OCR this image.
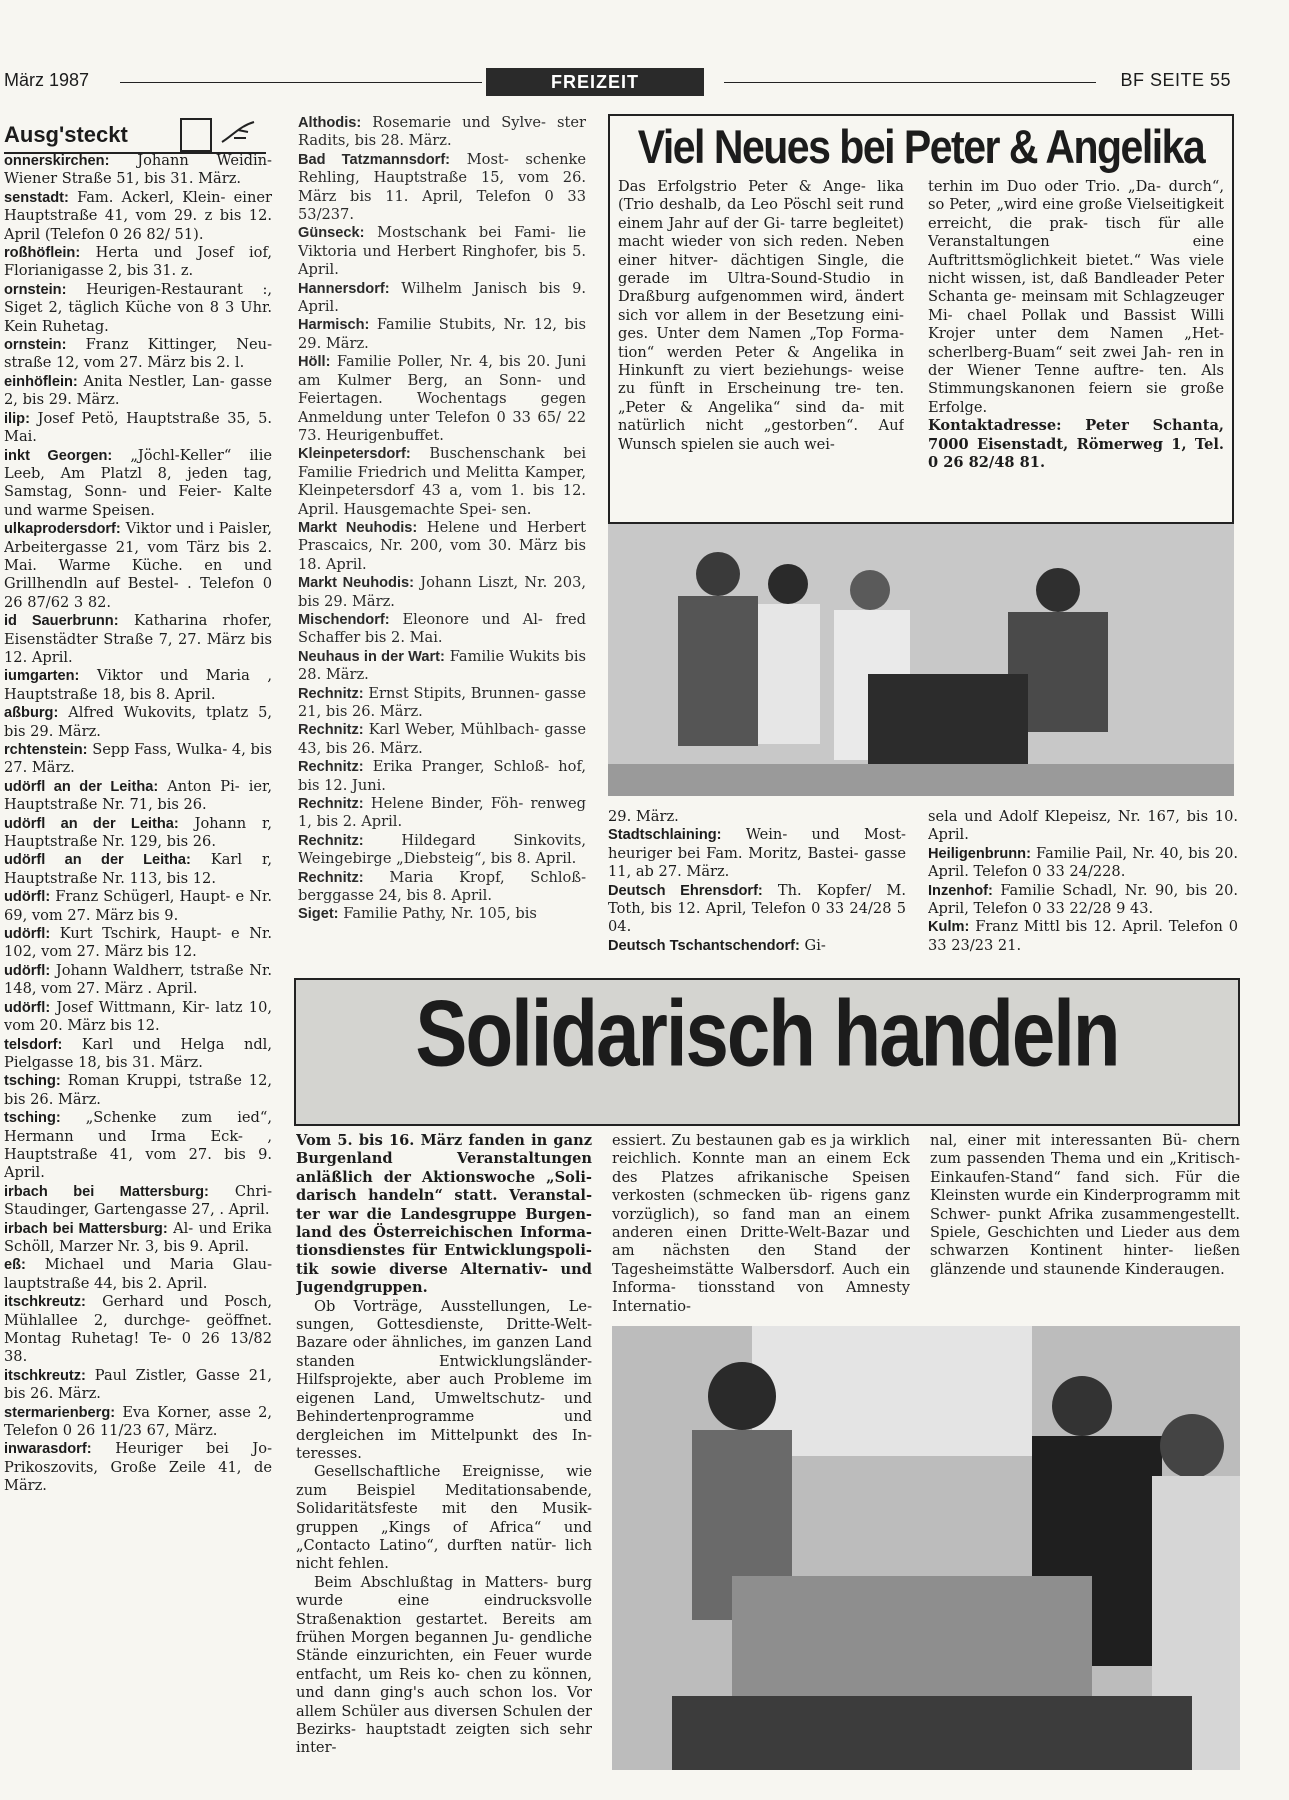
März 1987	FREIZEIT	BF SEITE 55
Ausg'steckt

onnerskirchen: Johann Weidin- Wiener Straße 51, bis 31. März.

senstadt: Fam. Ackerl, Klein- einer Hauptstraße 41, vom 29. z bis 12. April (Telefon 0 26 82/ 51).

roßhöflein: Herta und Josef iof, Florianigasse 2, bis 31. z.

ornstein: Heurigen-Restaurant :, Siget 2, täglich Küche von 8 3 Uhr. Kein Ruhetag.

ornstein: Franz Kittinger, Neu- straße 12, vom 27. März bis 2. l.

einhöflein: Anita Nestler, Lan- gasse 2, bis 29. März.

ilip: Josef Petö, Hauptstraße 35, 5. Mai.

inkt Georgen: „Jöchl-Keller“ ilie Leeb, Am Platzl 8, jeden tag, Samstag, Sonn- und Feier- Kalte und warme Speisen.

ulkaprodersdorf: Viktor und i Paisler, Arbeitergasse 21, vom Tärz bis 2. Mai. Warme Küche. en und Grillhendln auf Bestel- . Telefon 0 26 87/62 3 82.

id Sauerbrunn: Katharina rhofer, Eisenstädter Straße 7, 27. März bis 12. April.

iumgarten: Viktor und Maria , Hauptstraße 18, bis 8. April.

aßburg: Alfred Wukovits, tplatz 5, bis 29. März.

rchtenstein: Sepp Fass, Wulka- 4, bis 27. März.

udörfl an der Leitha: Anton Pi- ier, Hauptstraße Nr. 71, bis 26.

udörfl an der Leitha: Johann r, Hauptstraße Nr. 129, bis 26.

udörfl an der Leitha: Karl r, Hauptstraße Nr. 113, bis 12.

udörfl: Franz Schügerl, Haupt- e Nr. 69, vom 27. März bis 9.

udörfl: Kurt Tschirk, Haupt- e Nr. 102, vom 27. März bis 12.

udörfl: Johann Waldherr, tstraße Nr. 148, vom 27. März . April.

udörfl: Josef Wittmann, Kir- latz 10, vom 20. März bis 12.

telsdorf: Karl und Helga ndl, Pielgasse 18, bis 31. März.

tsching: Roman Kruppi, tstraße 12, bis 26. März.

tsching: „Schenke zum ied“, Hermann und Irma Eck- , Hauptstraße 41, vom 27. bis 9. April.

irbach bei Mattersburg: Chri- Staudinger, Gartengasse 27, . April.

irbach bei Mattersburg: Al- und Erika Schöll, Marzer Nr. 3, bis 9. April.

eß: Michael und Maria Glau- lauptstraße 44, bis 2. April.

itschkreutz: Gerhard und Posch, Mühlallee 2, durchge- geöffnet. Montag Ruhetag! Te- 0 26 13/82 38.

itschkreutz: Paul Zistler, Gasse 21, bis 26. März.

stermarienberg: Eva Korner, asse 2, Telefon 0 26 11/23 67, März.

inwarasdorf: Heuriger bei Jo- Prikoszovits, Große Zeile 41, de März.

Althodis: Rosemarie und Sylve- ster Radits, bis 28. März.

Bad Tatzmannsdorf: Most- schenke Rehling, Hauptstraße 15, vom 26. März bis 11. April, Telefon 0 33 53/237.

Günseck: Mostschank bei Fami- lie Viktoria und Herbert Ringhofer, bis 5. April.

Hannersdorf: Wilhelm Janisch bis 9. April.

Harmisch: Familie Stubits, Nr. 12, bis 29. März.

Höll: Familie Poller, Nr. 4, bis 20. Juni am Kulmer Berg, an Sonn- und Feiertagen. Wochentags gegen Anmeldung unter Telefon 0 33 65/ 22 73. Heurigenbuffet.

Kleinpetersdorf: Buschenschank bei Familie Friedrich und Melitta Kamper, Kleinpetersdorf 43 a, vom 1. bis 12. April. Hausgemachte Spei- sen.

Markt Neuhodis: Helene und Herbert Prascaics, Nr. 200, vom 30. März bis 18. April.

Markt Neuhodis: Johann Liszt, Nr. 203, bis 29. März.

Mischendorf: Eleonore und Al- fred Schaffer bis 2. Mai.

Neuhaus in der Wart: Familie Wukits bis 28. März.

Rechnitz: Ernst Stipits, Brunnen- gasse 21, bis 26. März.

Rechnitz: Karl Weber, Mühlbach- gasse 43, bis 26. März.

Rechnitz: Erika Pranger, Schloß- hof, bis 12. Juni.

Rechnitz: Helene Binder, Föh- renweg 1, bis 2. April.

Rechnitz:	Hildegard Sinkovits, Weingebirge „Diebsteig“, bis 8. April.

Rechnitz: Maria Kropf, Schloß- berggasse 24, bis 8. April.

Siget: Familie Pathy, Nr. 105, bis

Viel Neues bei Peter & Angelika

Das Erfolgstrio Peter & Ange- lika (Trio deshalb, da Leo Pöschl seit rund einem Jahr auf der Gi- tarre begleitet) macht wieder von sich reden. Neben einer hitver- dächtigen Single, die gerade im Ultra-Sound-Studio in Draßburg aufgenommen wird, ändert sich vor allem in der Besetzung eini- ges. Unter dem Namen „Top Forma- tion“ werden Peter & Angelika in Hinkunft zu viert beziehungs- weise zu fünft in Erscheinung tre- ten. „Peter & Angelika“ sind da- mit natürlich nicht „gestorben“. Auf Wunsch spielen sie auch wei-

terhin im Duo oder Trio. „Da- durch“, so Peter, „wird eine große Vielseitigkeit erreicht, die prak- tisch für alle Veranstaltungen eine Auftrittsmöglichkeit bietet.“ Was viele nicht wissen, ist, daß Bandleader Peter Schanta ge- meinsam mit Schlagzeuger Mi- chael Pollak und Bassist Willi Krojer unter dem Namen „Het- scherlberg-Buam“ seit zwei Jah- ren in der Wiener Tenne auftre- ten. Als Stimmungskanonen feiern sie große Erfolge.

Kontaktadresse: Peter Schanta, 7000 Eisenstadt, Römerweg 1, Tel. 0 26 82/48 81.

29. März.

Stadtschlaining: Wein- und Most- heuriger bei Fam. Moritz, Bastei- gasse 11, ab 27. März.

Deutsch Ehrensdorf: Th. Kopfer/ M. Toth, bis 12. April, Telefon 0 33 24/28 5 04.

Deutsch Tschantschendorf: Gi-

sela und Adolf Klepeisz, Nr. 167, bis 10. April.

Heiligenbrunn: Familie Pail, Nr. 40, bis 20. April. Telefon 0 33 24/228.

Inzenhof: Familie Schadl, Nr. 90, bis 20. April, Telefon 0 33 22/28 9 43.

Kulm: Franz Mittl bis 12. April. Telefon 0 33 23/23 21.

Solidarisch handeln

Vom 5. bis 16. März fanden in ganz Burgenland Veranstaltungen anläßlich der Aktionswoche „Soli- darisch handeln“ statt. Veranstal- ter war die Landesgruppe Burgen- land des Österreichischen Informa- tionsdienstes für Entwicklungspoli- tik sowie diverse Alternativ- und Jugendgruppen.

Ob Vorträge, Ausstellungen, Le- sungen, Gottesdienste, Dritte-Welt- Bazare oder ähnliches, im ganzen Land standen Entwicklungsländer- Hilfsprojekte, aber auch Probleme im eigenen Land, Umweltschutz- und Behindertenprogramme und dergleichen im Mittelpunkt des In- teresses.

Gesellschaftliche Ereignisse, wie zum Beispiel Meditationsabende, Solidaritätsfeste mit den Musik- gruppen „Kings of Africa“ und „Contacto Latino“, durften natür- lich nicht fehlen.

Beim Abschlußtag in Matters- burg wurde eine eindrucksvolle Straßenaktion gestartet. Bereits am frühen Morgen begannen Ju- gendliche Stände einzurichten, ein Feuer wurde entfacht, um Reis ko- chen zu können, und dann ging's auch schon los. Vor allem Schüler aus diversen Schulen der Bezirks- hauptstadt zeigten sich sehr inter-

essiert. Zu bestaunen gab es ja wirklich reichlich. Konnte man an einem Eck des Platzes afrikanische Speisen verkosten (schmecken üb- rigens ganz vorzüglich), so fand man an einem anderen einen Dritte-Welt-Bazar und am nächsten den Stand der Tagesheimstätte Walbersdorf. Auch ein Informa- tionsstand von Amnesty Internatio-

nal, einer mit interessanten Bü- chern zum passenden Thema und ein „Kritisch-Einkaufen-Stand“ fand sich. Für die Kleinsten wurde ein Kinderprogramm mit Schwer- punkt Afrika zusammengestellt. Spiele, Geschichten und Lieder aus dem schwarzen Kontinent hinter- ließen glänzende und staunende Kinderaugen.
